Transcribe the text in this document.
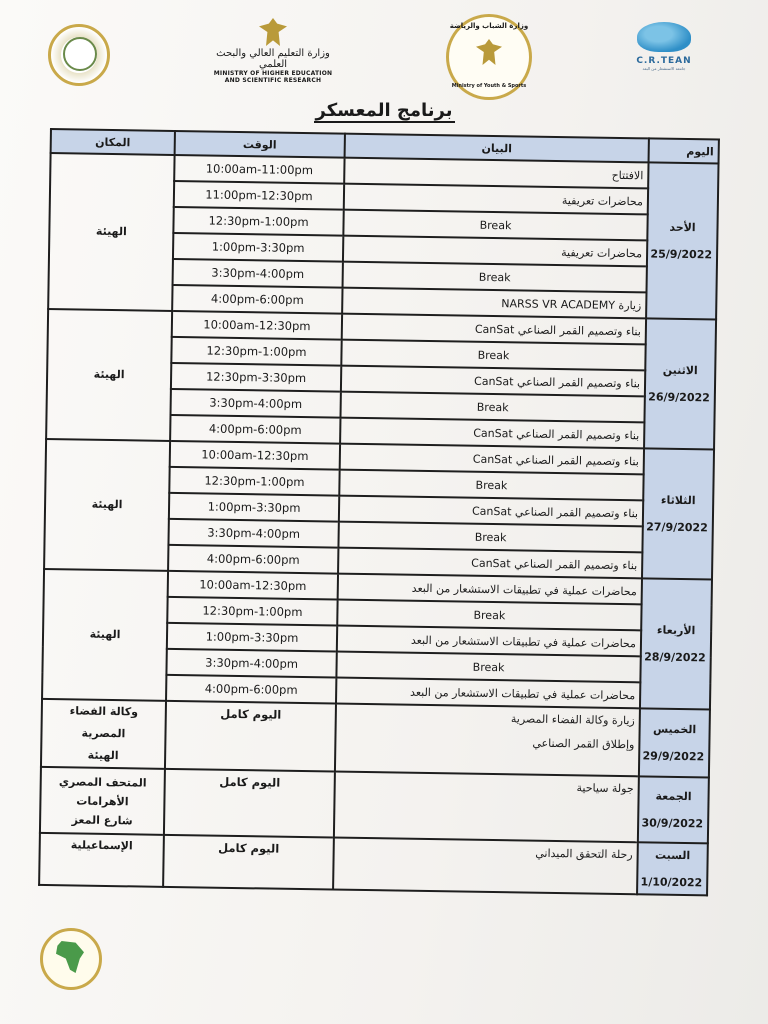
وزارة التعليم العالي والبحث العلمي
MINISTRY OF HIGHER EDUCATION AND SCIENTIFIC RESEARCH
وزارة الشباب والرياضة
Ministry of Youth & Sports
C.R.TEAN
جامعة الاستشعار من البعد
برنامج المعسكر
اليوم	البيان	الوقت	المكان

الأحد
25/9/2022	الافتتاح	10:00am-11:00pm	الهيئة

	محاضرات تعريفية	11:00pm-12:30pm	
	Break	12:30pm-1:00pm	
	محاضرات تعريفية	1:00pm-3:30pm	
	Break	3:30pm-4:00pm	
	زيارة NARSS VR ACADEMY	4:00pm-6:00pm	

الاثنين
26/9/2022	بناء وتصميم القمر الصناعي CanSat	10:00am-12:30pm	الهيئة

	Break	12:30pm-1:00pm	
	بناء وتصميم القمر الصناعي CanSat	12:30pm-3:30pm	
	Break	3:30pm-4:00pm	
	بناء وتصميم القمر الصناعي CanSat	4:00pm-6:00pm	

الثلاثاء
27/9/2022	بناء وتصميم القمر الصناعي CanSat	10:00am-12:30pm	الهيئة

	Break	12:30pm-1:00pm	
	بناء وتصميم القمر الصناعي CanSat	1:00pm-3:30pm	
	Break	3:30pm-4:00pm	
	بناء وتصميم القمر الصناعي CanSat	4:00pm-6:00pm	

الأربعاء
28/9/2022	محاضرات عملية في تطبيقات الاستشعار من البعد	10:00am-12:30pm	الهيئة

	Break	12:30pm-1:00pm	
	محاضرات عملية في تطبيقات الاستشعار من البعد	1:00pm-3:30pm	
	Break	3:30pm-4:00pm	
	محاضرات عملية في تطبيقات الاستشعار من البعد	4:00pm-6:00pm	

الخميس
29/9/2022	زيارة وكالة الفضاء المصرية
وإطلاق القمر الصناعي	اليوم كامل	وكالة الفضاء المصرية
الهيئة

الجمعة
30/9/2022	جولة سياحية	اليوم كامل	المتحف المصري
الأهرامات
شارع المعز

السبت
1/10/2022	رحلة التحقق الميداني	اليوم كامل	الإسماعيلية
